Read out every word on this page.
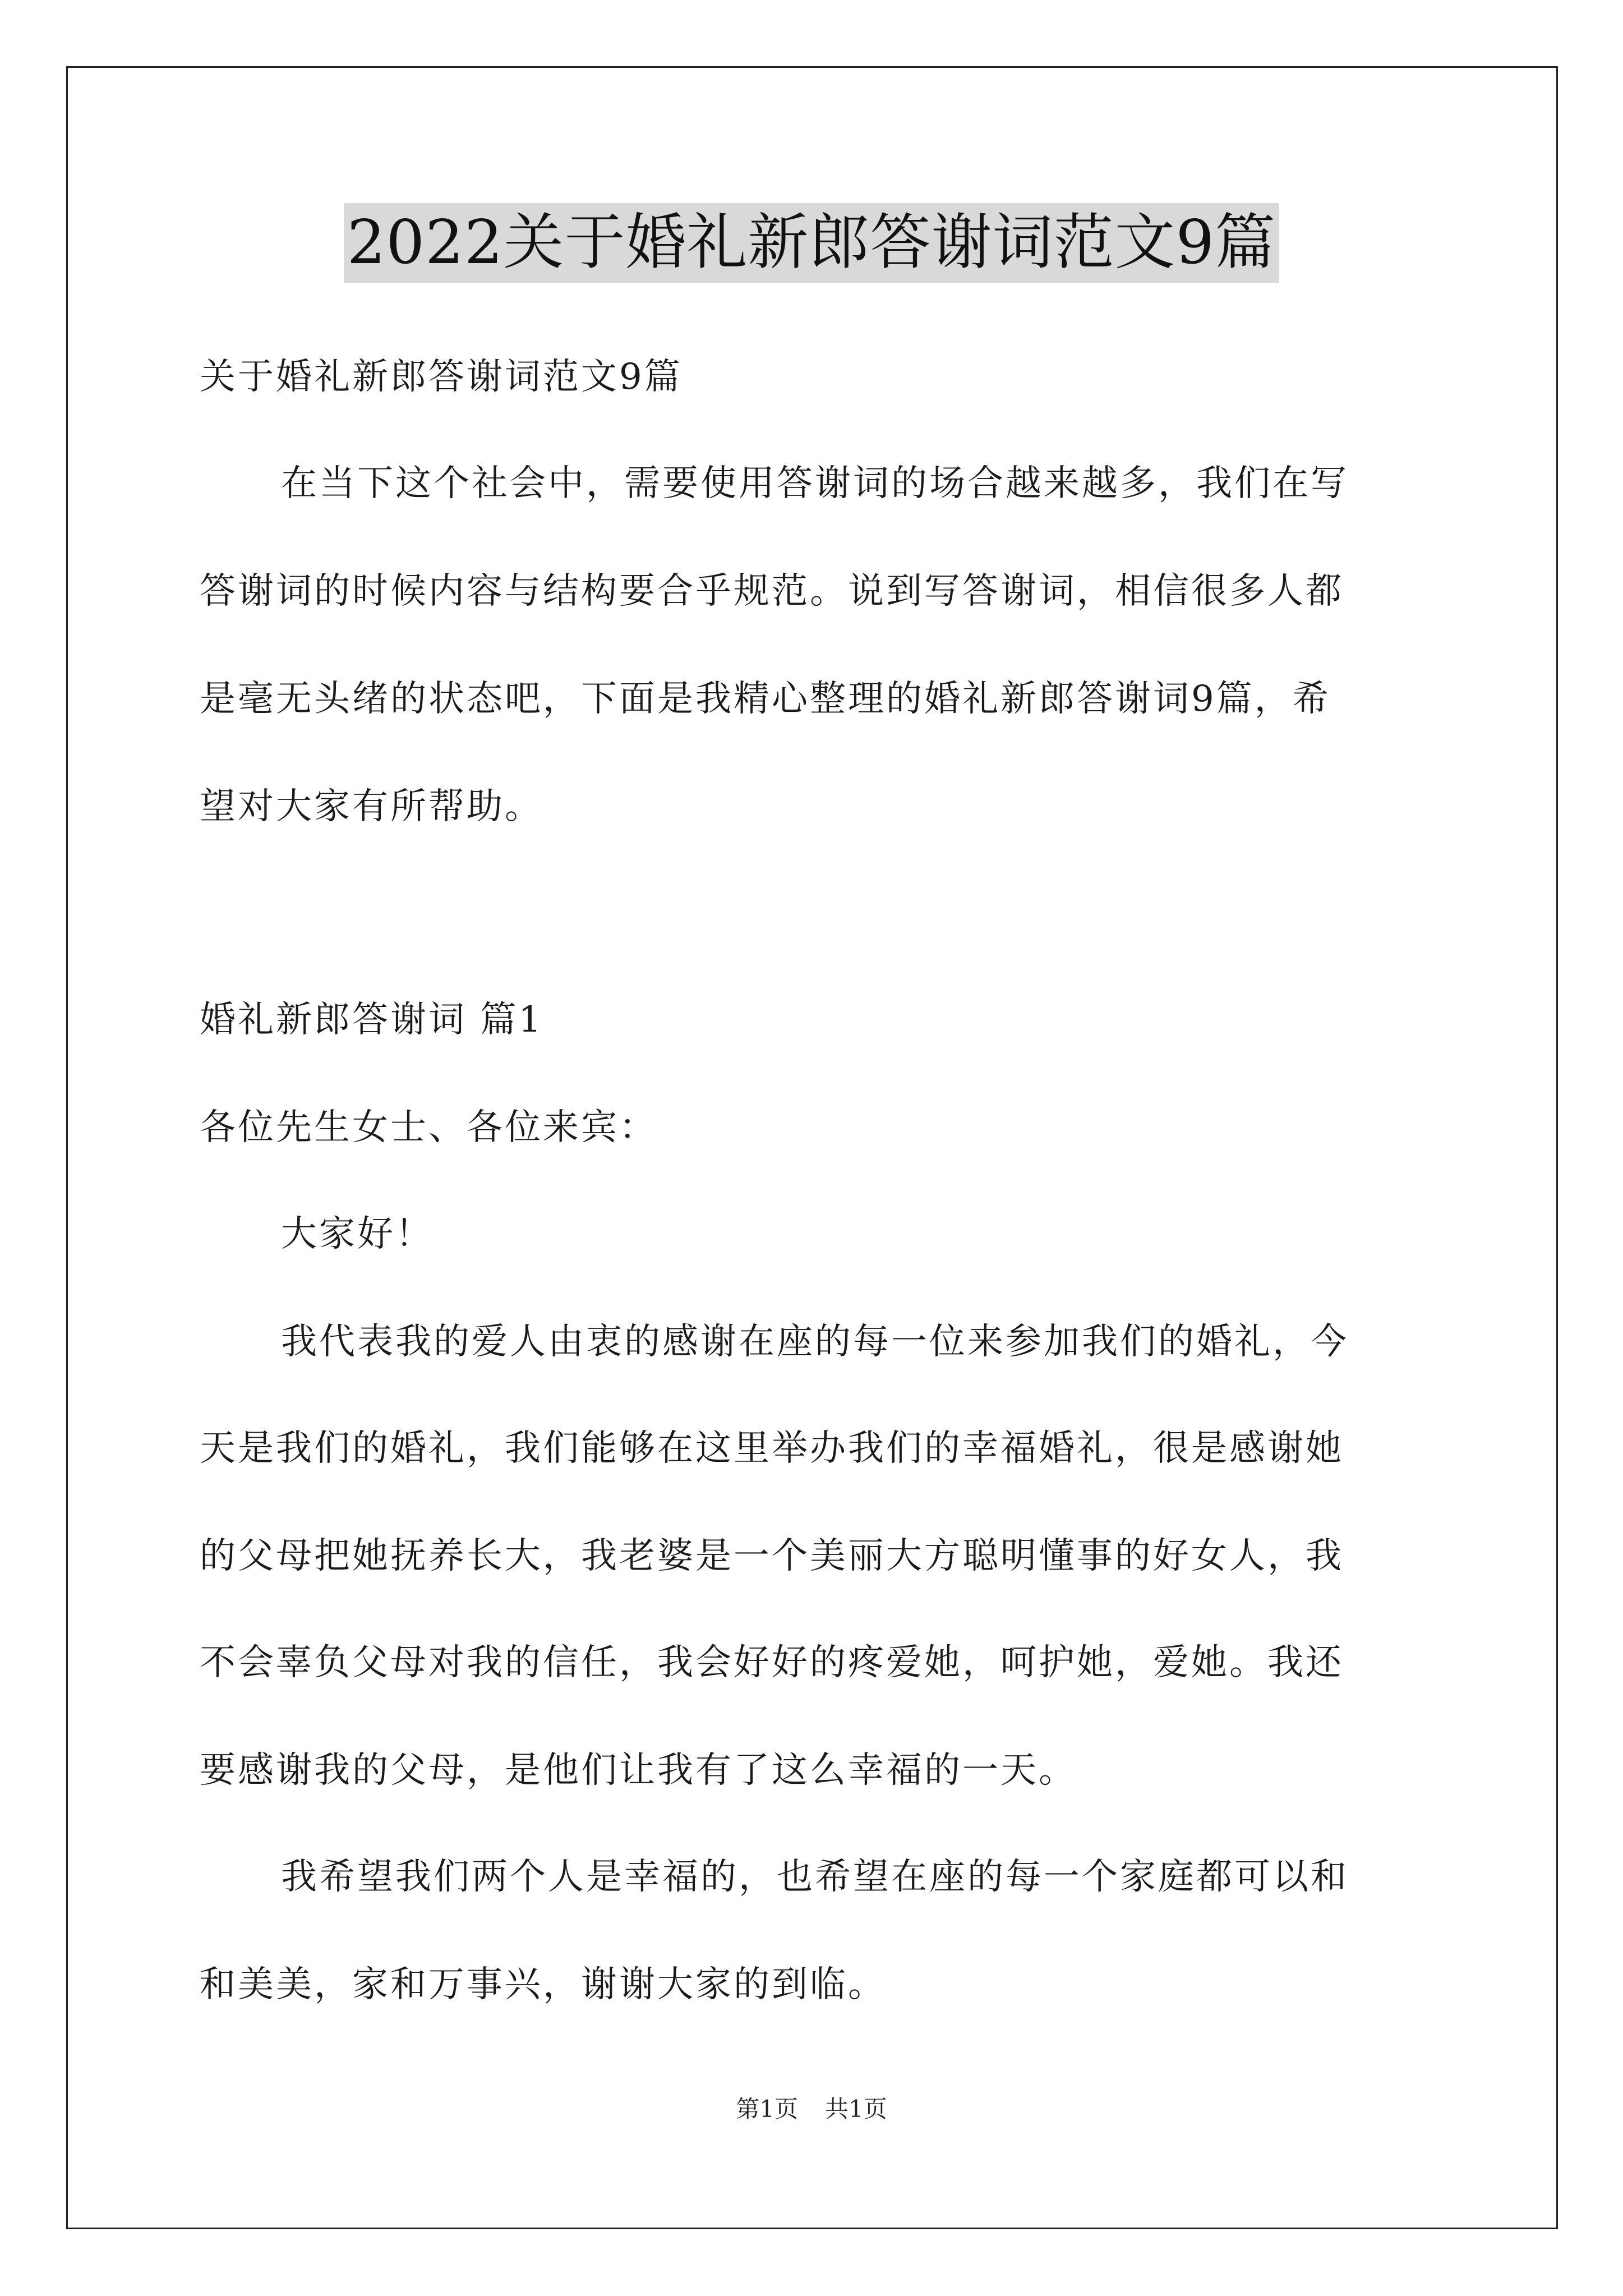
2022关于婚礼新郎答谢词范文9篇
关于婚礼新郎答谢词范文9篇
在当下这个社会中，需要使用答谢词的场合越来越多，我们在写
答谢词的时候内容与结构要合乎规范。说到写答谢词，相信很多人都
是毫无头绪的状态吧，下面是我精心整理的婚礼新郎答谢词9篇，希
望对大家有所帮助。
婚礼新郎答谢词 篇1
各位先生女士、各位来宾：
大家好！
我代表我的爱人由衷的感谢在座的每一位来参加我们的婚礼，今
天是我们的婚礼，我们能够在这里举办我们的幸福婚礼，很是感谢她
的父母把她抚养长大，我老婆是一个美丽大方聪明懂事的好女人，我
不会辜负父母对我的信任，我会好好的疼爱她，呵护她，爱她。我还
要感谢我的父母，是他们让我有了这么幸福的一天。
我希望我们两个人是幸福的，也希望在座的每一个家庭都可以和
和美美，家和万事兴，谢谢大家的到临。
第1页 共1页
